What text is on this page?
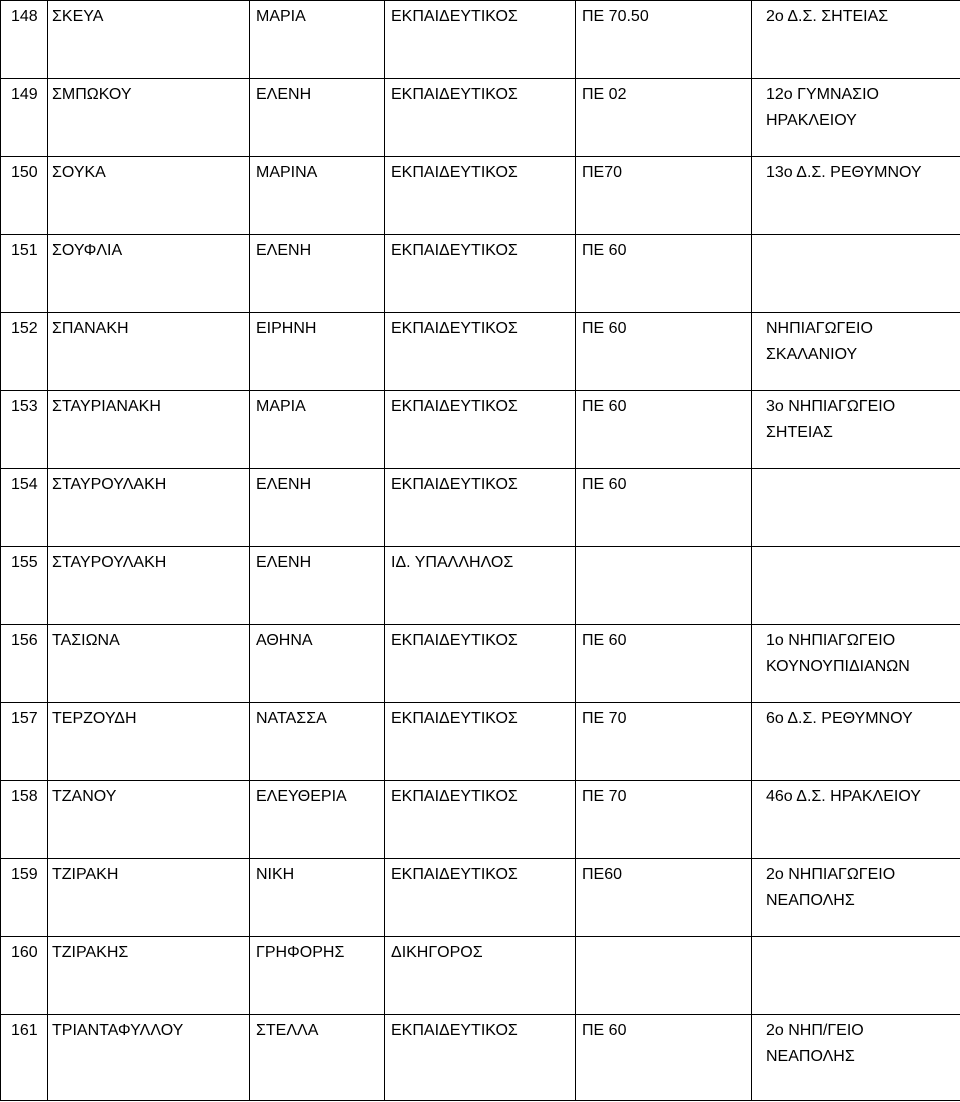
148	ΣΚΕΥΑ	ΜΑΡΙΑ	ΕΚΠΑΙΔΕΥΤΙΚΟΣ	ΠΕ 70.50	2ο Δ.Σ. ΣΗΤΕΙΑΣ

149	ΣΜΠΩΚΟΥ	ΕΛΕΝΗ	ΕΚΠΑΙΔΕΥΤΙΚΟΣ	ΠΕ 02	12ο ΓΥΜΝΑΣΙΟ
ΗΡΑΚΛΕΙΟΥ

150	ΣΟΥΚΑ	ΜΑΡΙΝΑ	ΕΚΠΑΙΔΕΥΤΙΚΟΣ	ΠΕ70	13ο Δ.Σ. ΡΕΘΥΜΝΟΥ

151	ΣΟΥΦΛΙΑ	ΕΛΕΝΗ	ΕΚΠΑΙΔΕΥΤΙΚΟΣ	ΠΕ 60	
152	ΣΠΑΝΑΚΗ	ΕΙΡΗΝΗ	ΕΚΠΑΙΔΕΥΤΙΚΟΣ	ΠΕ 60	ΝΗΠΙΑΓΩΓΕΙΟ
ΣΚΑΛΑΝΙΟΥ

153	ΣΤΑΥΡΙΑΝΑΚΗ	ΜΑΡΙΑ	ΕΚΠΑΙΔΕΥΤΙΚΟΣ	ΠΕ 60	3ο ΝΗΠΙΑΓΩΓΕΙΟ
ΣΗΤΕΙΑΣ

154	ΣΤΑΥΡΟΥΛΑΚΗ	ΕΛΕΝΗ	ΕΚΠΑΙΔΕΥΤΙΚΟΣ	ΠΕ 60	
155	ΣΤΑΥΡΟΥΛΑΚΗ	ΕΛΕΝΗ	ΙΔ. ΥΠΑΛΛΗΛΟΣ		
156	ΤΑΣΙΩΝΑ	ΑΘΗΝΑ	ΕΚΠΑΙΔΕΥΤΙΚΟΣ	ΠΕ 60	1ο ΝΗΠΙΑΓΩΓΕΙΟ
ΚΟΥΝΟΥΠΙΔΙΑΝΩΝ

157	ΤΕΡΖΟΥΔΗ	ΝΑΤΑΣΣΑ	ΕΚΠΑΙΔΕΥΤΙΚΟΣ	ΠΕ 70	6ο Δ.Σ. ΡΕΘΥΜΝΟΥ

158	ΤΖΑΝΟΥ	ΕΛΕΥΘΕΡΙΑ	ΕΚΠΑΙΔΕΥΤΙΚΟΣ	ΠΕ 70	46ο Δ.Σ. ΗΡΑΚΛΕΙΟΥ

159	ΤΖΙΡΑΚΗ	ΝΙΚΗ	ΕΚΠΑΙΔΕΥΤΙΚΟΣ	ΠΕ60	2ο ΝΗΠΙΑΓΩΓΕΙΟ
ΝΕΑΠΟΛΗΣ

160	ΤΖΙΡΑΚΗΣ	ΓΡΗΦΟΡΗΣ	ΔΙΚΗΓΟΡΟΣ		
161	ΤΡΙΑΝΤΑΦΥΛΛΟΥ	ΣΤΕΛΛΑ	ΕΚΠΑΙΔΕΥΤΙΚΟΣ	ΠΕ 60	2ο ΝΗΠ/ΓΕΙΟ
ΝΕΑΠΟΛΗΣ
